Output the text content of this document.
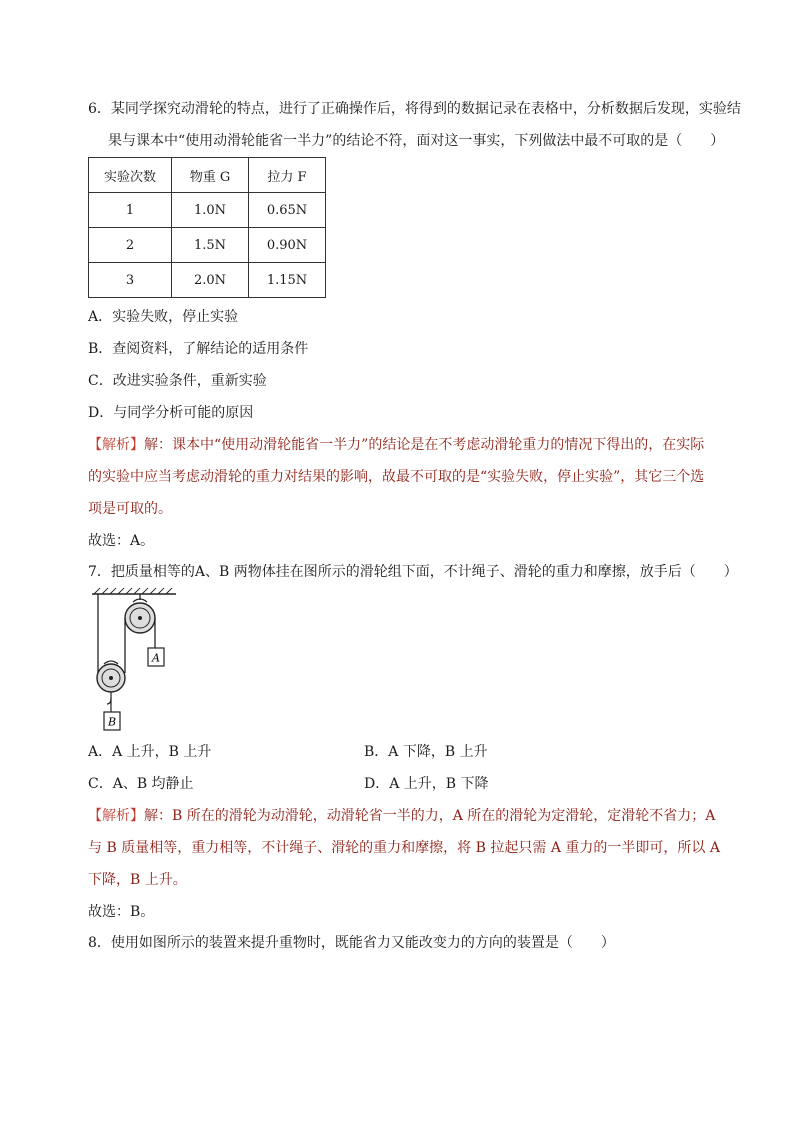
6．某同学探究动滑轮的特点，进行了正确操作后，将得到的数据记录在表格中，分析数据后发现，实验结
果与课本中“使用动滑轮能省一半力”的结论不符，面对这一事实，下列做法中最不可取的是（　　）
实验次数	物重 G	拉力 F
1	1.0N	0.65N
2	1.5N	0.90N
3	2.0N	1.15N
A．实验失败，停止实验
B．查阅资料，了解结论的适用条件
C．改进实验条件，重新实验
D．与同学分析可能的原因
【解析】解：课本中“使用动滑轮能省一半力”的结论是在不考虑动滑轮重力的情况下得出的，在实际
的实验中应当考虑动滑轮的重力对结果的影响，故最不可取的是“实验失败，停止实验”，其它三个选
项是可取的。
故选：A。
7．把质量相等的A、B 两物体挂在图所示的滑轮组下面，不计绳子、滑轮的重力和摩擦，放手后（　　）
A
B
A．A 上升，B 上升	B．A 下降，B 上升
C．A、B 均静止	D．A 上升，B 下降
【解析】解：B 所在的滑轮为动滑轮，动滑轮省一半的力，A 所在的滑轮为定滑轮，定滑轮不省力；A
与 B 质量相等，重力相等，不计绳子、滑轮的重力和摩擦，将 B 拉起只需 A 重力的一半即可，所以 A
下降，B 上升。
故选：B。
8．使用如图所示的装置来提升重物时，既能省力又能改变力的方向的装置是（　　）
